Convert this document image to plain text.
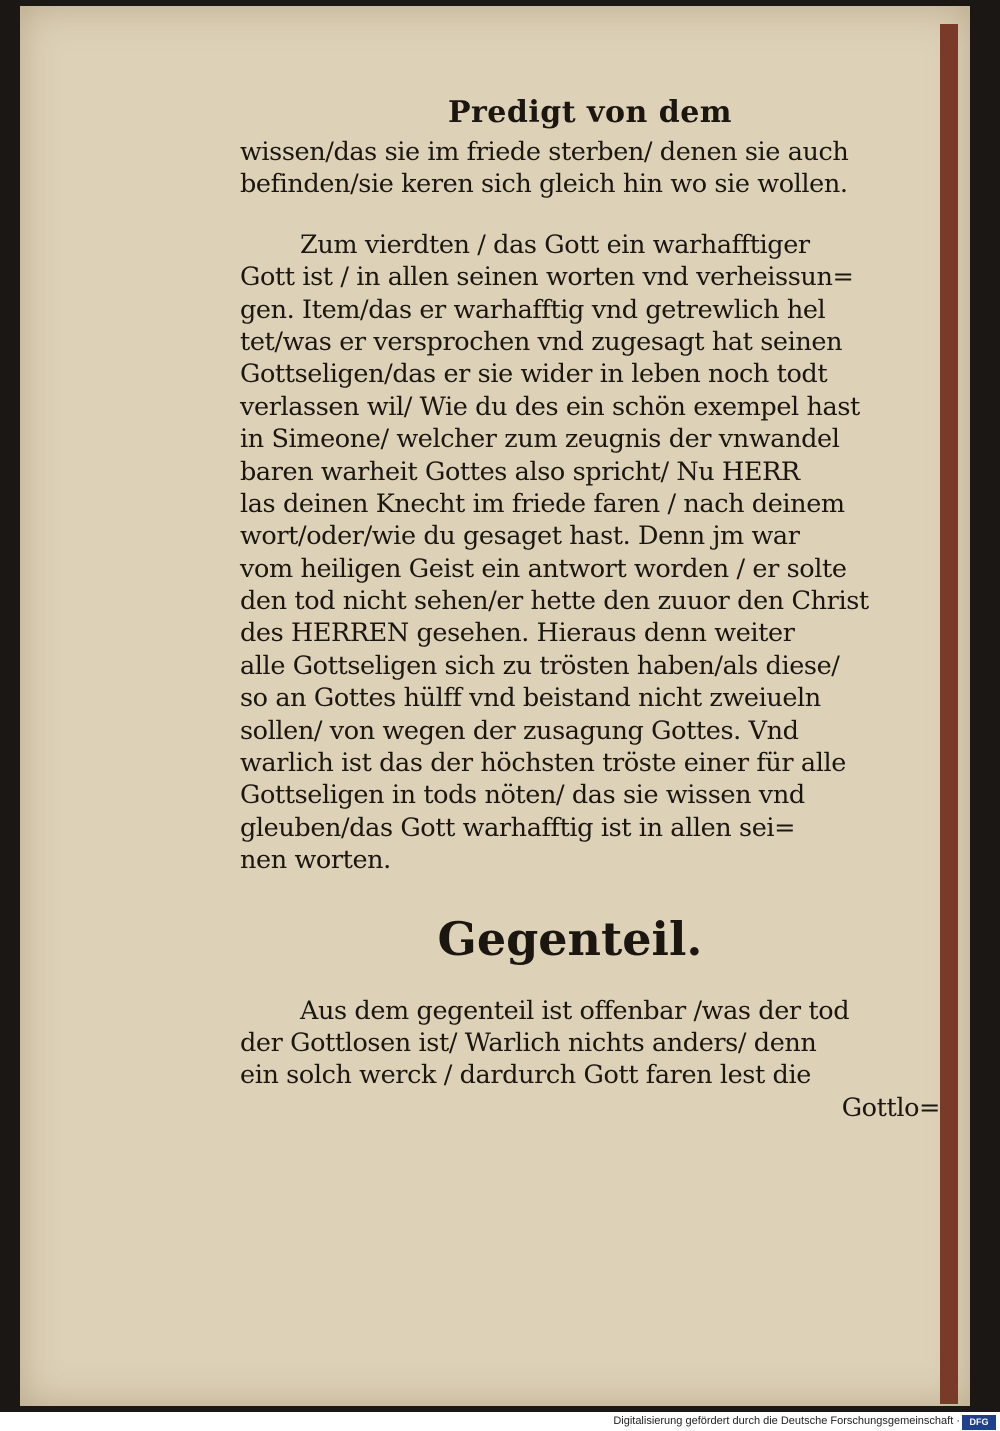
Predigt von dem
wissen/das sie im friede sterben/ denen sie auch
befinden/sie keren sich gleich hin wo sie wollen.
Zum vierdten / das Gott ein warhafftiger
Gott ist / in allen seinen worten vnd verheissun=
gen. Item/das er warhafftig vnd getrewlich hel
tet/was er versprochen vnd zugesagt hat seinen
Gottseligen/das er sie wider in leben noch todt
verlassen wil/ Wie du des ein schön exempel hast
in Simeone/ welcher zum zeugnis der vnwandel
baren warheit Gottes also spricht/ Nu HERR
las deinen Knecht im friede faren / nach deinem
wort/oder/wie du gesaget hast. Denn jm war
vom heiligen Geist ein antwort worden / er solte
den tod nicht sehen/er hette den zuuor den Christ
des HERREN gesehen. Hieraus denn weiter
alle Gottseligen sich zu trösten haben/als diese/
so an Gottes hülff vnd beistand nicht zweiueln
sollen/ von wegen der zusagung Gottes. Vnd
warlich ist das der höchsten tröste einer für alle
Gottseligen in tods nöten/ das sie wissen vnd
gleuben/das Gott warhafftig ist in allen sei=
nen worten.
Gegenteil.
Aus dem gegenteil ist offenbar /was der tod
der Gottlosen ist/ Warlich nichts anders/ denn
ein solch werck / dardurch Gott faren lest die
Gottlo=
Digitalisierung gefördert durch die Deutsche Forschungsgemeinschaft ·	DFG
